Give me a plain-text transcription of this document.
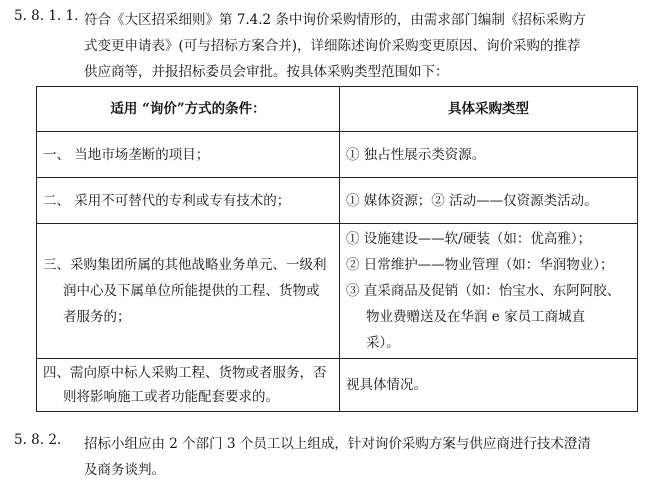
5. 8. 1. 1. 符合《大区招采细则》第 7.4.2 条中询价采购情形的，由需求部门编制《招标采购方
式变更申请表》(可与招标方案合并)，详细陈述询价采购变更原因、询价采购的推荐
供应商等，并报招标委员会审批。按具体采购类型范围如下：
适用 “询价”方式的条件：	具体采购类型

一、 当地市场垄断的项目；	① 独占性展示类资源。

二、 采用不可替代的专利或专有技术的；	① 媒体资源；② 活动——仅资源类活动。

三、采购集团所属的其他战略业务单元、一级利
润中心及下属单位所能提供的工程、货物或
者服务的；	① 设施建设——软/硬装（如：优高雅）；
② 日常维护——物业管理（如：华润物业）；
③ 直采商品及促销（如：怡宝水、东阿阿胶、
物业费赠送及在华润 e 家员工商城直
采）。

四、需向原中标人采购工程、货物或者服务，否
则将影响施工或者功能配套要求的。	视具体情况。
5. 8. 2. 招标小组应由 2 个部门 3 个员工以上组成，针对询价采购方案与供应商进行技术澄清
及商务谈判。
